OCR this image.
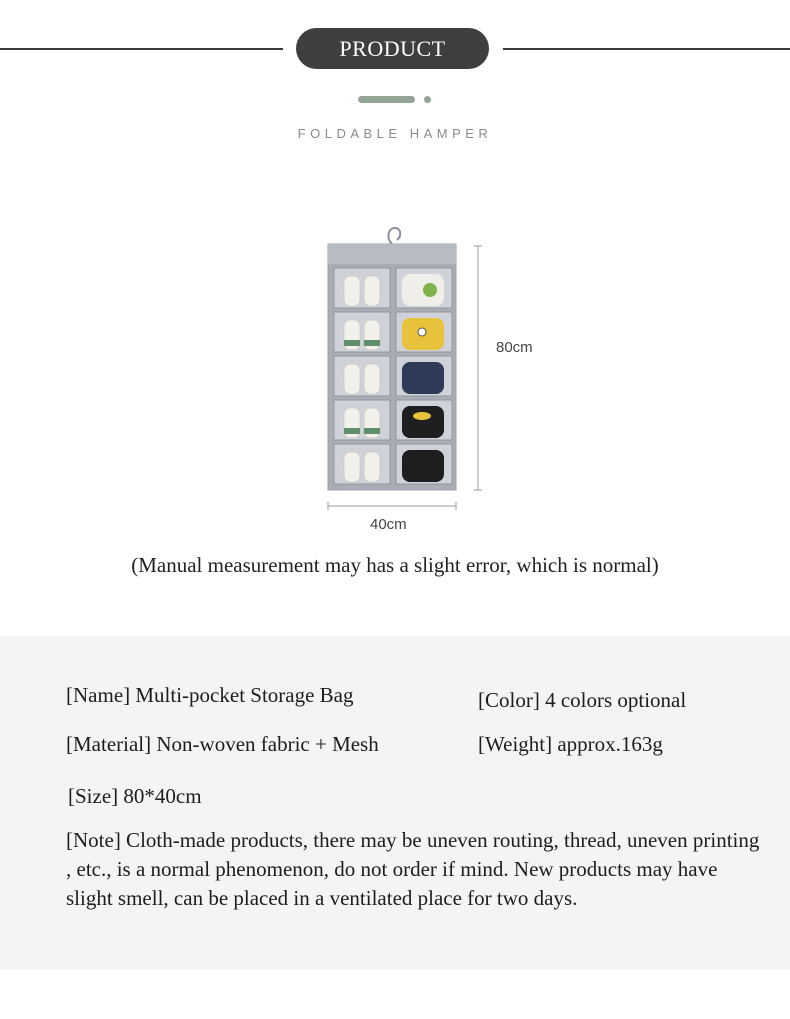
PRODUCT
FOLDABLE HAMPER
80cm
40cm
(Manual measurement may has a slight error, which is normal)
[Name] Multi-pocket Storage Bag	[Color] 4 colors optional
[Material] Non-woven fabric + Mesh	[Weight] approx.163g
[Size] 80*40cm
[Note] Cloth-made products, there may be uneven routing, thread, uneven printing , etc., is a normal phenomenon, do not order if mind. New products may have slight smell, can be placed in a ventilated place for two days.
